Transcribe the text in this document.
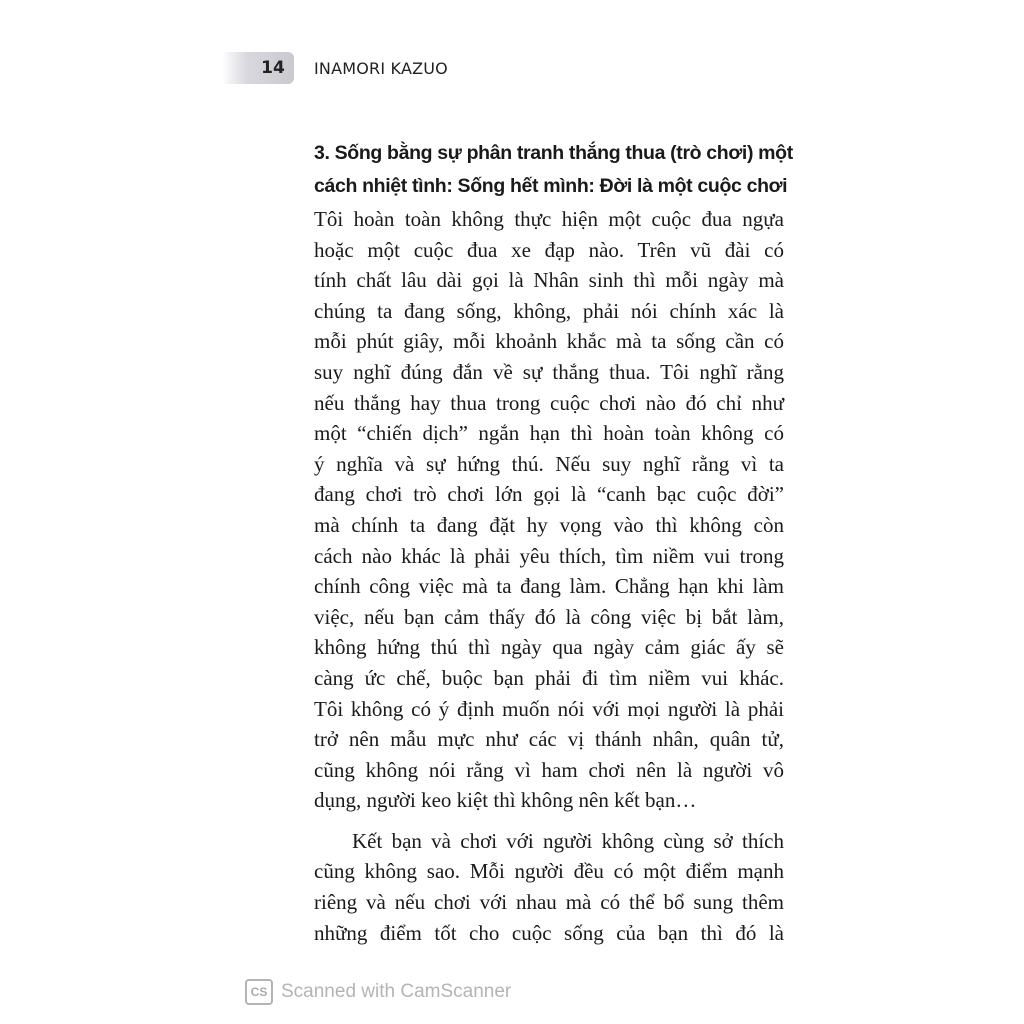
14 INAMORI KAZUO
3. Sống bằng sự phân tranh thắng thua (trò chơi) một
cách nhiệt tình: Sống hết mình: Đời là một cuộc chơi
Tôi hoàn toàn không thực hiện một cuộc đua ngựa
hoặc một cuộc đua xe đạp nào. Trên vũ đài có
tính chất lâu dài gọi là Nhân sinh thì mỗi ngày mà
chúng ta đang sống, không, phải nói chính xác là
mỗi phút giây, mỗi khoảnh khắc mà ta sống cần có
suy nghĩ đúng đắn về sự thắng thua. Tôi nghĩ rằng
nếu thắng hay thua trong cuộc chơi nào đó chỉ như
một “chiến dịch” ngắn hạn thì hoàn toàn không có
ý nghĩa và sự hứng thú. Nếu suy nghĩ rằng vì ta
đang chơi trò chơi lớn gọi là “canh bạc cuộc đời”
mà chính ta đang đặt hy vọng vào thì không còn
cách nào khác là phải yêu thích, tìm niềm vui trong
chính công việc mà ta đang làm. Chẳng hạn khi làm
việc, nếu bạn cảm thấy đó là công việc bị bắt làm,
không hứng thú thì ngày qua ngày cảm giác ấy sẽ
càng ức chế, buộc bạn phải đi tìm niềm vui khác.
Tôi không có ý định muốn nói với mọi người là phải
trở nên mẫu mực như các vị thánh nhân, quân tử,
cũng không nói rằng vì ham chơi nên là người vô
dụng, người keo kiệt thì không nên kết bạn…
Kết bạn và chơi với người không cùng sở thích
cũng không sao. Mỗi người đều có một điểm mạnh
riêng và nếu chơi với nhau mà có thể bổ sung thêm
những điểm tốt cho cuộc sống của bạn thì đó là
CS Scanned with CamScanner
